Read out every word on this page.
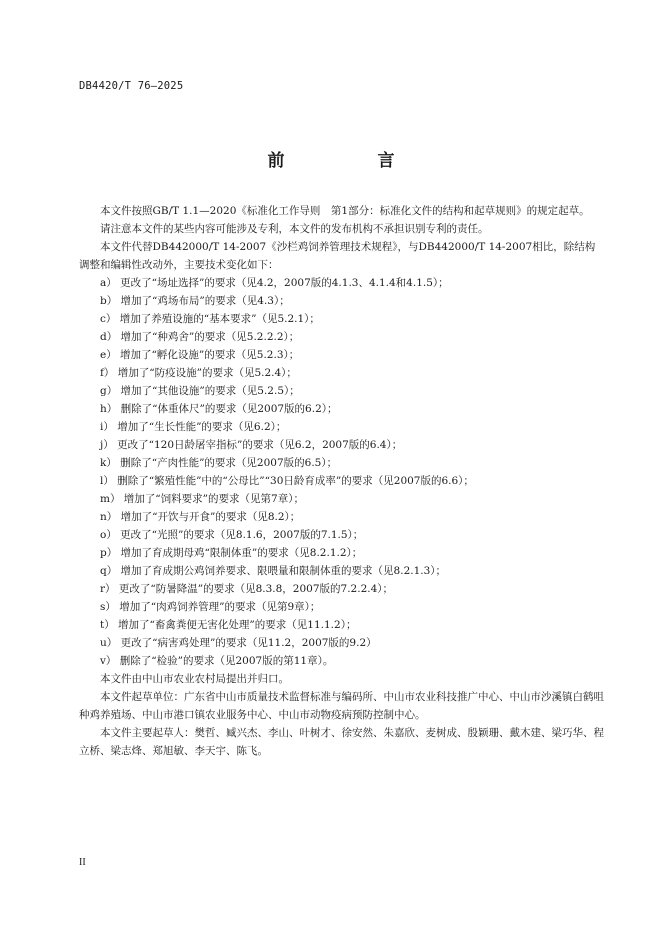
DB4420/T 76—2025
前　言

本文件按照GB/T 1.1—2020《标准化工作导则　第1部分：标准化文件的结构和起草规则》的规定起草。

请注意本文件的某些内容可能涉及专利，本文件的发布机构不承担识别专利的责任。

本文件代替DB442000/T 14-2007《沙栏鸡饲养管理技术规程》，与DB442000/T 14-2007相比，除结构调整和编辑性改动外，主要技术变化如下：

a） 更改了“场址选择”的要求（见4.2，2007版的4.1.3、4.1.4和4.1.5）；

b） 增加了“鸡场布局”的要求（见4.3）；

c） 增加了养殖设施的“基本要求”（见5.2.1）；

d） 增加了“种鸡舍”的要求（见5.2.2.2）；

e） 增加了“孵化设施”的要求（见5.2.3）；

f） 增加了“防疫设施”的要求（见5.2.4）；

g） 增加了“其他设施”的要求（见5.2.5）；

h） 删除了“体重体尺”的要求（见2007版的6.2）；

i） 增加了“生长性能”的要求（见6.2）；

j） 更改了“120日龄屠宰指标”的要求（见6.2，2007版的6.4）；

k） 删除了“产肉性能”的要求（见2007版的6.5）；

l） 删除了“繁殖性能”中的“公母比”“30日龄育成率”的要求（见2007版的6.6）；

m） 增加了“饲料要求”的要求（见第7章）；

n） 增加了“开饮与开食”的要求（见8.2）；

o） 更改了“光照”的要求（见8.1.6，2007版的7.1.5）；

p） 增加了育成期母鸡“限制体重”的要求（见8.2.1.2）；

q） 增加了育成期公鸡饲养要求、限喂量和限制体重的要求（见8.2.1.3）；

r） 更改了“防暑降温”的要求（见8.3.8，2007版的7.2.2.4）；

s） 增加了“肉鸡饲养管理”的要求（见第9章）；

t） 增加了“畜禽粪便无害化处理”的要求（见11.1.2）；

u） 更改了“病害鸡处理”的要求（见11.2，2007版的9.2）

v） 删除了“检验”的要求（见2007版的第11章）。

本文件由中山市农业农村局提出并归口。

本文件起草单位：广东省中山市质量技术监督标准与编码所、中山市农业科技推广中心、中山市沙溪镇白鹤咀种鸡养殖场、中山市港口镇农业服务中心、中山市动物疫病预防控制中心。

本文件主要起草人：樊哲、臧兴杰、李山、叶树才、徐安然、朱嘉欣、麦树成、殷颖珊、戴木建、梁巧华、程立桥、梁志烽、郑旭敏、李天宇、陈飞。

II
